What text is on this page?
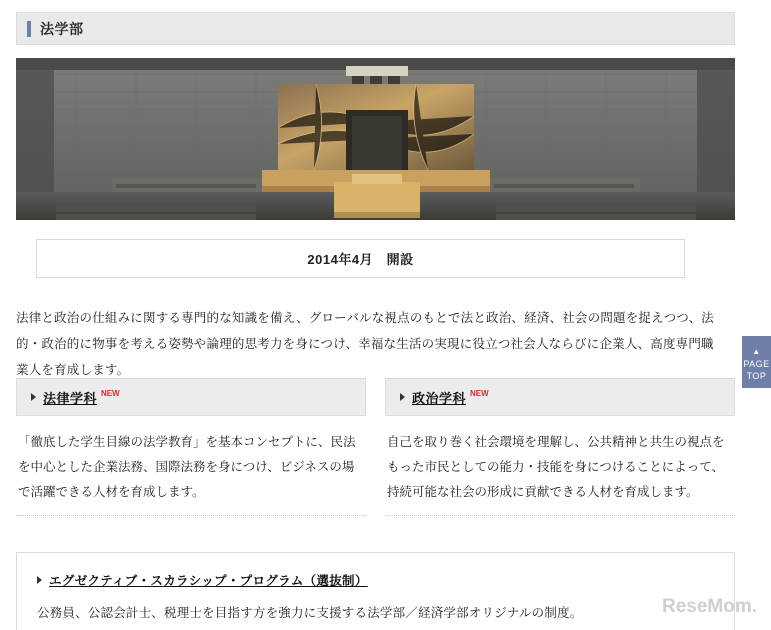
法学部
2014年4月　開設

法律と政治の仕組みに関する専門的な知識を備え、グローバルな視点のもとで法と政治、経済、社会の問題を捉えつつ、法的・政治的に物事を考える姿勢や論理的思考力を身につけ、幸福な生活の実現に役立つ社会人ならびに企業人、高度専門職業人を育成します。

法律学科 NEW
「徹底した学生目線の法学教育」を基本コンセプトに、民法を中心とした企業法務、国際法務を身につけ、ビジネスの場で活躍できる人材を育成します。
政治学科 NEW
自己を取り巻く社会環境を理解し、公共精神と共生の視点をもった市民としての能力・技能を身につけることによって、持続可能な社会の形成に貢献できる人材を育成します。
エグゼクティブ・スカラシップ・プログラム（選抜制）
公務員、公認会計士、税理士を目指す方を強力に支援する法学部／経済学部オリジナルの制度。
▲
PAGE
TOP
ReseMom.
